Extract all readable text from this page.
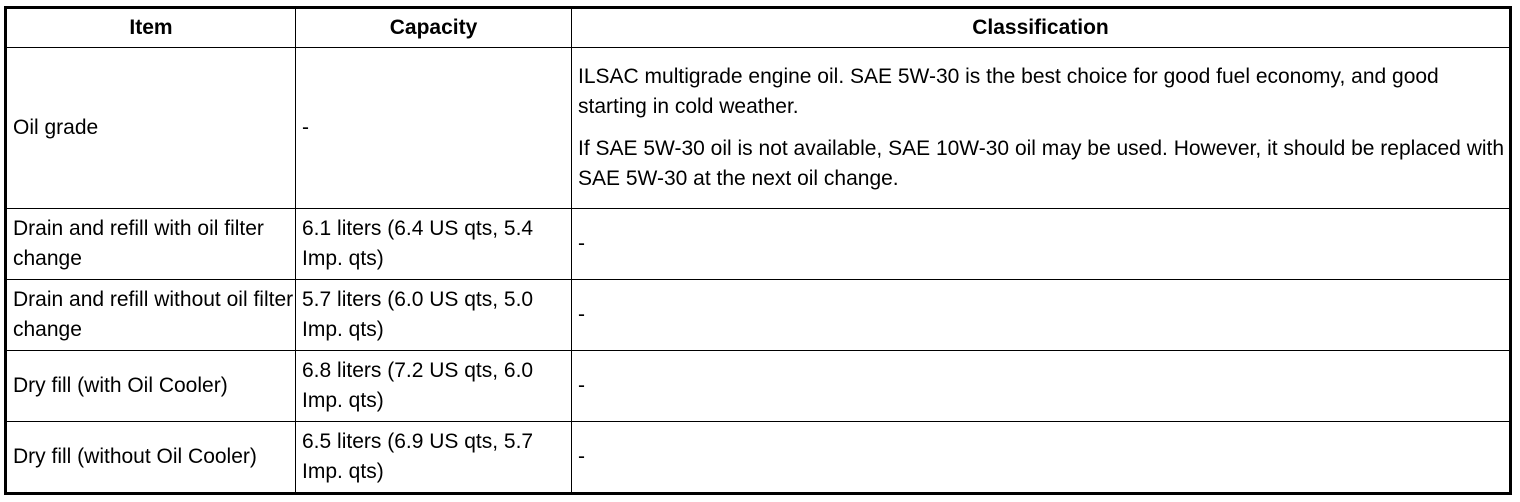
Item	Capacity	Classification
Oil grade	-	ILSAC multigrade engine oil. SAE 5W-30 is the best choice for good fuel economy, and good starting in cold weather.

If SAE 5W-30 oil is not available, SAE 10W-30 oil may be used. However, it should be replaced with SAE 5W-30 at the next oil change.

Drain and refill with oil filter change	6.1 liters (6.4 US qts, 5.4 Imp. qts)	-
Drain and refill without oil filter change	5.7 liters (6.0 US qts, 5.0 Imp. qts)	-
Dry fill (with Oil Cooler)	6.8 liters (7.2 US qts, 6.0 Imp. qts)	-
Dry fill (without Oil Cooler)	6.5 liters (6.9 US qts, 5.7 Imp. qts)	-
